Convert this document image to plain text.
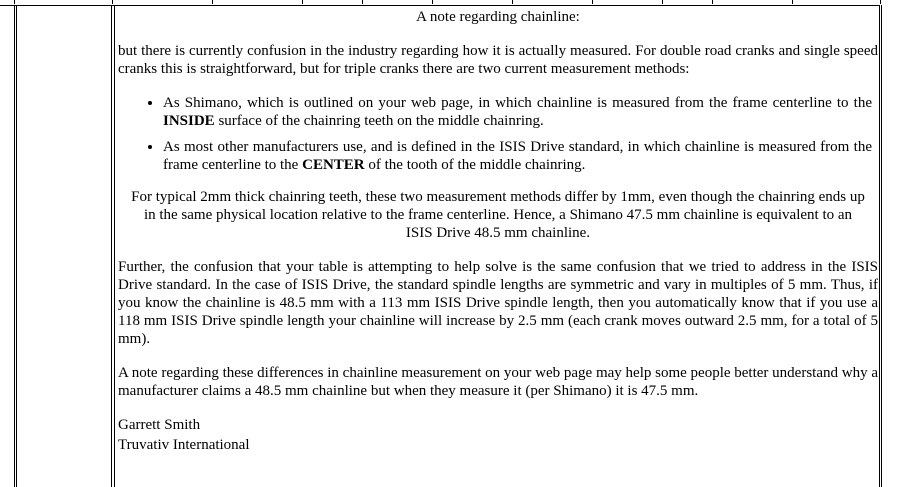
A note regarding chainline:

but there is currently confusion in the industry regarding how it is actually measured. For double road cranks and single speed cranks this is straightforward, but for triple cranks there are two current measurement methods:

• As Shimano, which is outlined on your web page, in which chainline is measured from the frame centerline to the INSIDE surface of the chainring teeth on the middle chainring.
• As most other manufacturers use, and is defined in the ISIS Drive standard, in which chainline is measured from the frame centerline to the CENTER of the tooth of the middle chainring.

For typical 2mm thick chainring teeth, these two measurement methods differ by 1mm, even though the chainring ends up in the same physical location relative to the frame centerline. Hence, a Shimano 47.5 mm chainline is equivalent to an ISIS Drive 48.5 mm chainline.

Further, the confusion that your table is attempting to help solve is the same confusion that we tried to address in the ISIS Drive standard. In the case of ISIS Drive, the standard spindle lengths are symmetric and vary in multiples of 5 mm. Thus, if you know the chainline is 48.5 mm with a 113 mm ISIS Drive spindle length, then you automatically know that if you use a 118 mm ISIS Drive spindle length your chainline will increase by 2.5 mm (each crank moves outward 2.5 mm, for a total of 5 mm).

A note regarding these differences in chainline measurement on your web page may help some people better understand why a manufacturer claims a 48.5 mm chainline but when they measure it (per Shimano) it is 47.5 mm.

Garrett Smith
Truvativ International
